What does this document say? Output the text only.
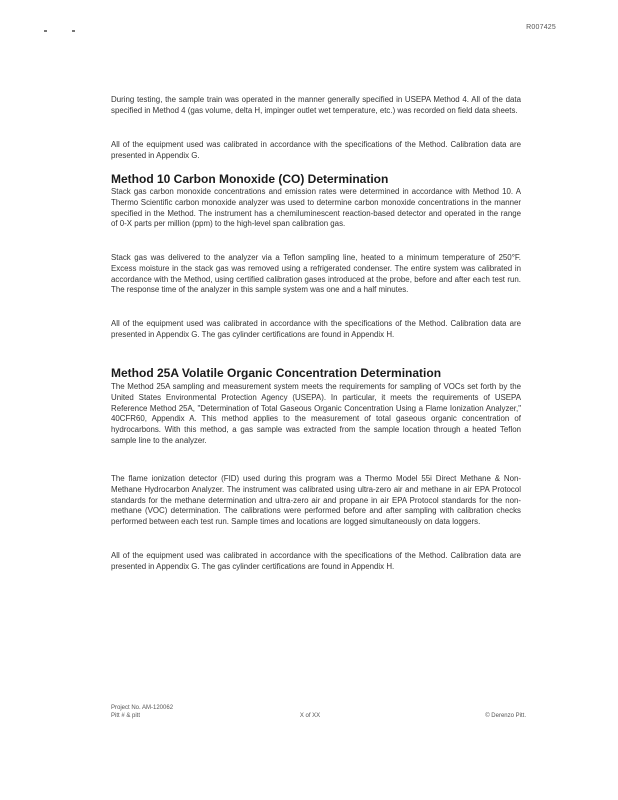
R007425

During testing, the sample train was operated in the manner generally specified in USEPA Method 4. All of the data specified in Method 4 (gas volume, delta H, impinger outlet wet temperature, etc.) was recorded on field data sheets.

All of the equipment used was calibrated in accordance with the specifications of the Method. Calibration data are presented in Appendix G.

Method 10 Carbon Monoxide (CO) Determination

Stack gas carbon monoxide concentrations and emission rates were determined in accordance with Method 10. A Thermo Scientific carbon monoxide analyzer was used to determine carbon monoxide concentrations in the manner specified in the Method. The instrument has a chemiluminescent reaction-based detector and operated in the range of 0-X parts per million (ppm) to the high-level span calibration gas.

Stack gas was delivered to the analyzer via a Teflon sampling line, heated to a minimum temperature of 250°F. Excess moisture in the stack gas was removed using a refrigerated condenser. The entire system was calibrated in accordance with the Method, using certified calibration gases introduced at the probe, before and after each test run. The response time of the analyzer in this sample system was one and a half minutes.

All of the equipment used was calibrated in accordance with the specifications of the Method. Calibration data are presented in Appendix G. The gas cylinder certifications are found in Appendix H.

Method 25A Volatile Organic Concentration Determination

The Method 25A sampling and measurement system meets the requirements for sampling of VOCs set forth by the United States Environmental Protection Agency (USEPA). In particular, it meets the requirements of USEPA Reference Method 25A, "Determination of Total Gaseous Organic Concentration Using a Flame Ionization Analyzer," 40CFR60, Appendix A. This method applies to the measurement of total gaseous organic concentration of hydrocarbons. With this method, a gas sample was extracted from the sample location through a heated Teflon sample line to the analyzer.

The flame ionization detector (FID) used during this program was a Thermo Model 55i Direct Methane & Non-Methane Hydrocarbon Analyzer. The instrument was calibrated using ultra-zero air and methane in air EPA Protocol standards for the methane determination and ultra-zero air and propane in air EPA Protocol standards for the non-methane (VOC) determination. The calibrations were performed before and after sampling with calibration checks performed between each test run. Sample times and locations are logged simultaneously on data loggers.

All of the equipment used was calibrated in accordance with the specifications of the Method. Calibration data are presented in Appendix G. The gas cylinder certifications are found in Appendix H.

Project No. AM-120062
Pitt # & pitt	X of XX	© Derenzo Pitt.
